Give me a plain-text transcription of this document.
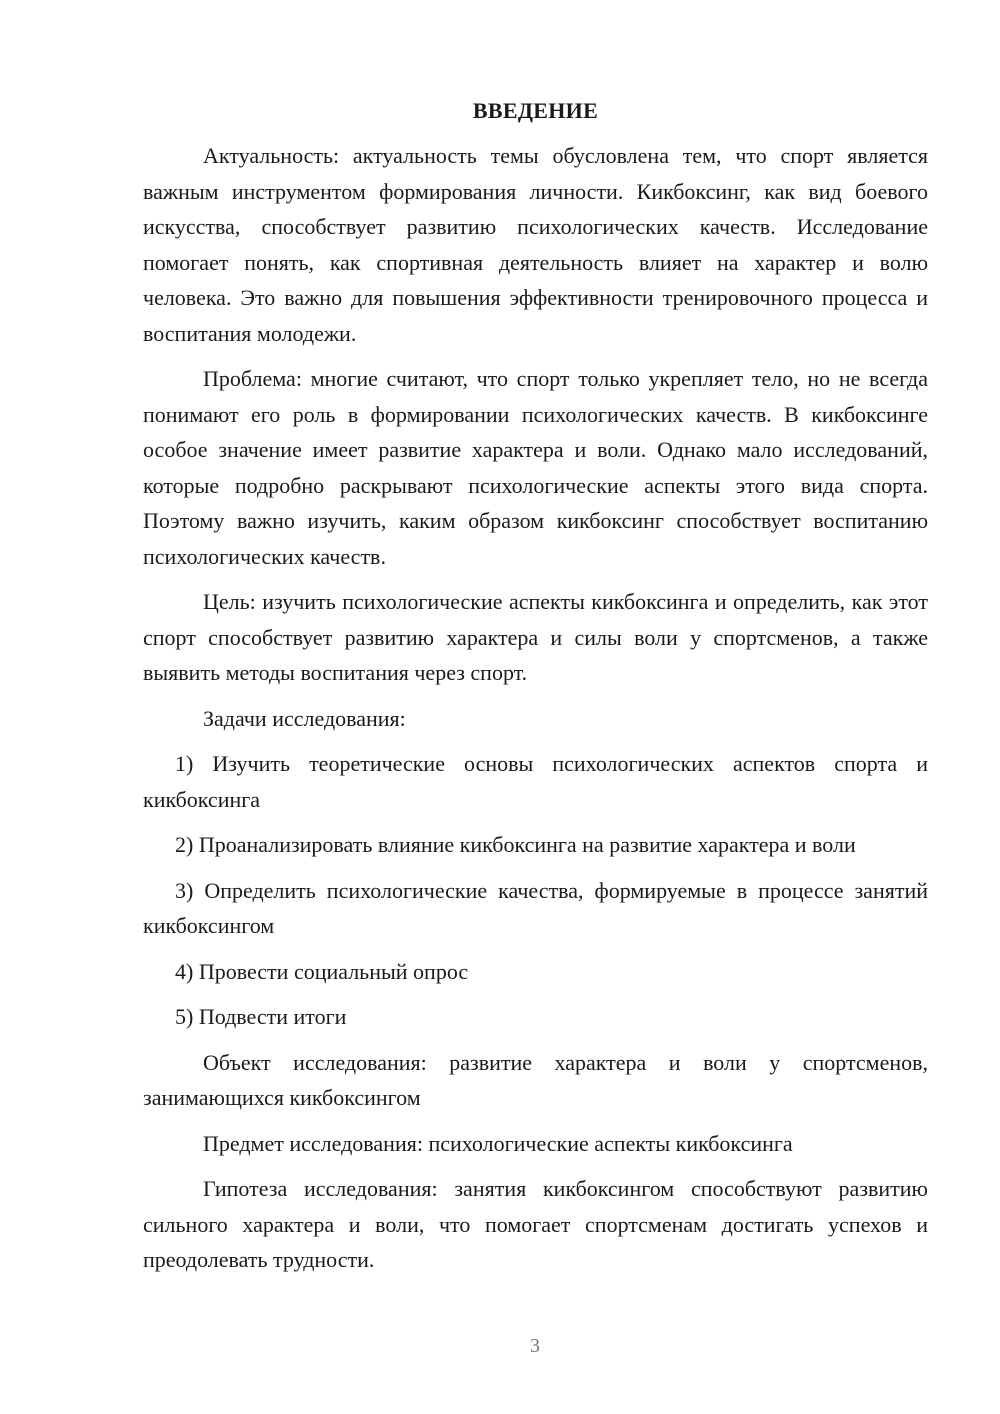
ВВЕДЕНИЕ

Актуальность: актуальность темы обусловлена тем, что спорт является важным инструментом формирования личности. Кикбоксинг, как вид боевого искусства, способствует развитию психологических качеств. Исследование помогает понять, как спортивная деятельность влияет на характер и волю человека. Это важно для повышения эффективности тренировочного процесса и воспитания молодежи.

Проблема: многие считают, что спорт только укрепляет тело, но не всегда понимают его роль в формировании психологических качеств. В кикбоксинге особое значение имеет развитие характера и воли. Однако мало исследований, которые подробно раскрывают психологические аспекты этого вида спорта. Поэтому важно изучить, каким образом кикбоксинг способствует воспитанию психологических качеств.

Цель: изучить психологические аспекты кикбоксинга и определить, как этот спорт способствует развитию характера и силы воли у спортсменов, а также выявить методы воспитания через спорт.

Задачи исследования:

1) Изучить теоретические основы психологических аспектов спорта и кикбоксинга

2) Проанализировать влияние кикбоксинга на развитие характера и воли

3) Определить психологические качества, формируемые в процессе занятий кикбоксингом

4) Провести социальный опрос

5) Подвести итоги

Объект исследования: развитие характера и воли у спортсменов, занимающихся кикбоксингом

Предмет исследования: психологические аспекты кикбоксинга

Гипотеза исследования: занятия кикбоксингом способствуют развитию сильного характера и воли, что помогает спортсменам достигать успехов и преодолевать трудности.

3
